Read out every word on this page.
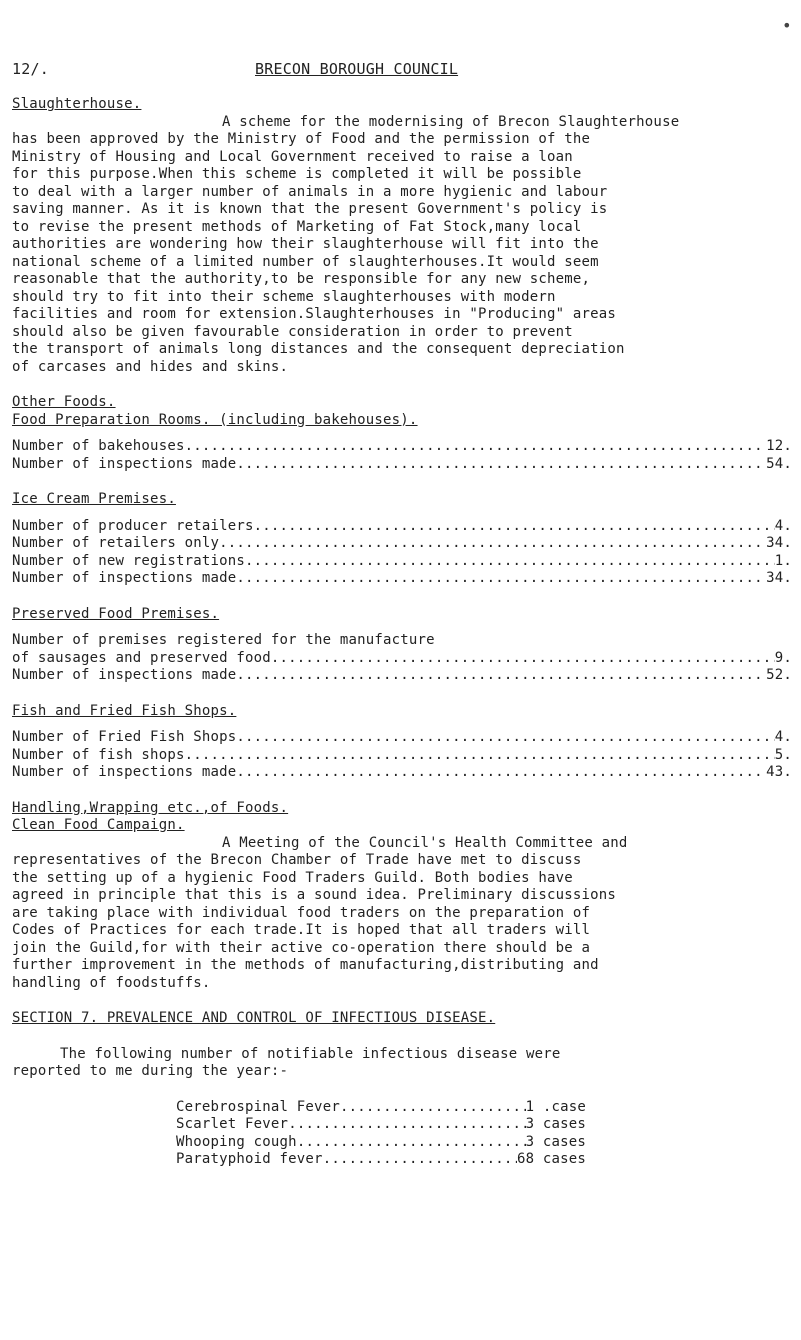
•
12/.	BRECON BOROUGH COUNCIL
Slaughterhouse.
A scheme for the modernising of Brecon Slaughterhouse
has been approved by the Ministry of Food and the permission of the
Ministry of Housing and Local Government received to raise a loan
for this purpose.When this scheme is completed it will be possible
to deal with a larger number of animals in a more hygienic and labour
saving manner. As it is known that the present Government's policy is
to revise the present methods of Marketing of Fat Stock,many local
authorities are wondering how their slaughterhouse will fit into the
national scheme of a limited number of slaughterhouses.It would seem
reasonable that the authority,to be responsible for any new scheme,
should try to fit into their scheme slaughterhouses with modern
facilities and room for extension.Slaughterhouses in "Producing" areas
should also be given favourable consideration in order to prevent
the transport of animals long distances and the consequent depreciation
of carcases and hides and skins.
Other Foods.
Food Preparation Rooms. (including bakehouses).
Number of bakehouses .....	12.
Number of inspections made .....	54.
Ice Cream Premises.
Number of producer retailers .....	4.
Number of retailers only .....	34.
Number of new registrations .....	1.
Number of inspections made .....	34.
Preserved Food Premises.
Number of premises registered for the manufacture
of sausages and preserved food .....	9.
Number of inspections made .....	52.
Fish and Fried Fish Shops.
Number of Fried Fish Shops .....	4.
Number of fish shops .....	5.
Number of inspections made .....	43.
Handling,Wrapping etc.,of Foods.
Clean Food Campaign.
A Meeting of the Council's Health Committee and
representatives of the Brecon Chamber of Trade have met to discuss
the setting up of a hygienic Food Traders Guild. Both bodies have
agreed in principle that this is a sound idea. Preliminary discussions
are taking place with individual food traders on the preparation of
Codes of Practices for each trade.It is hoped that all traders will
join the Guild,for with their active co-operation there should be a
further improvement in the methods of manufacturing,distributing and
handling of foodstuffs.
SECTION 7. PREVALENCE AND CONTROL OF INFECTIOUS DISEASE.
The following number of notifiable infectious disease were
reported to me during the year:-
Cerebrospinal Fever .....	1 .case
Scarlet Fever .....	3 cases
Whooping cough .....	3 cases
Paratyphoid fever .....	68 cases
